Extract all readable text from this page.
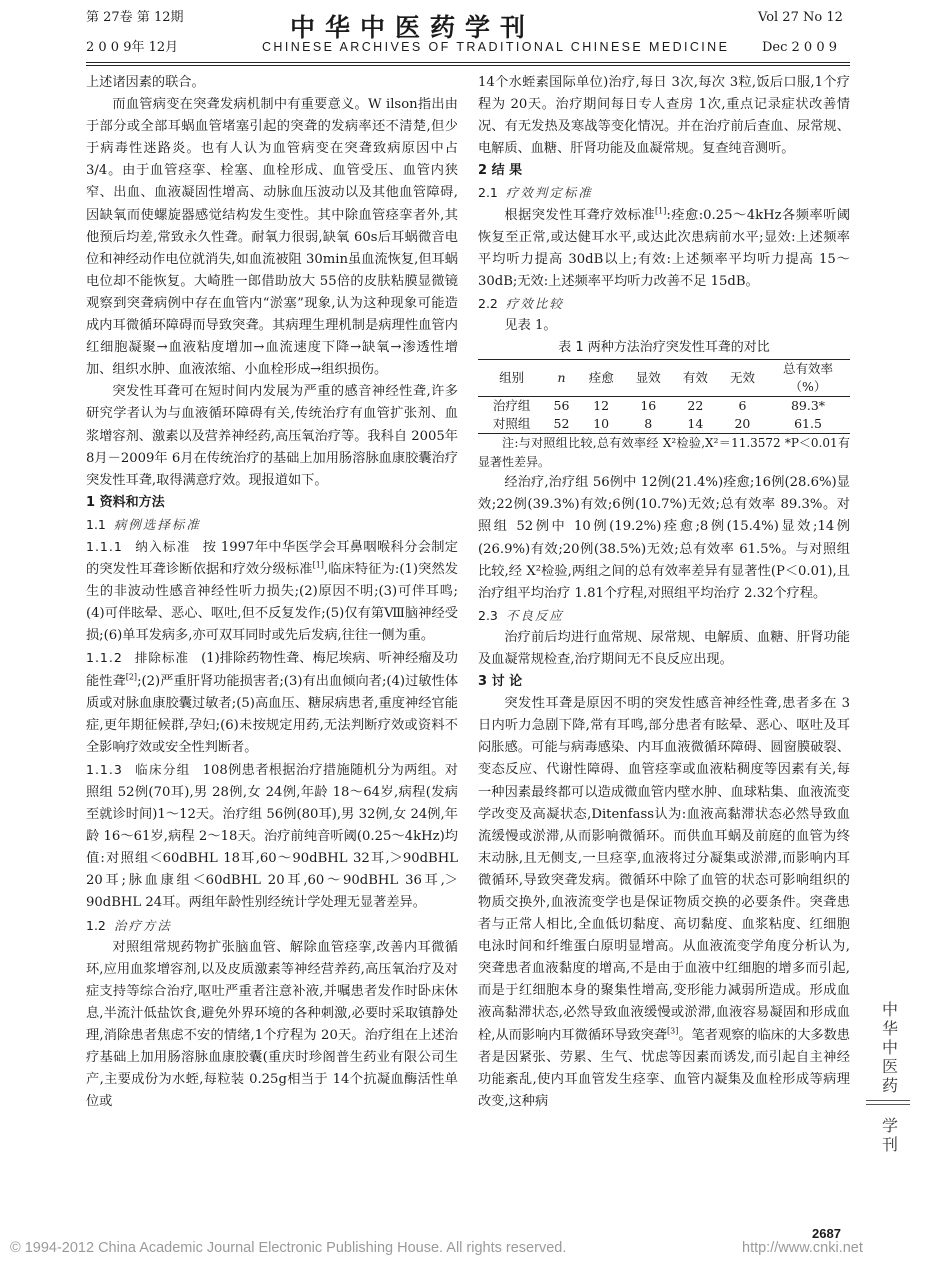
第 27卷 第 12期
2 0 0 9年 12月
中华中医药学刊
CHINESE ARCHIVES OF TRADITIONAL CHINESE MEDICINE
Vol 27 No 12
Dec 2 0 0 9

上述诸因素的联合。

而血管病变在突聋发病机制中有重要意义。W ilson指出由于部分或全部耳蜗血管堵塞引起的突聋的发病率还不清楚,但少于病毒性迷路炎。也有人认为血管病变在突聋致病原因中占 3/4。由于血管痉挛、栓塞、血栓形成、血管受压、血管内狭窄、出血、血液凝固性增高、动脉血压波动以及其他血管障碍,因缺氧而使螺旋器感觉结构发生变性。其中除血管痉挛者外,其他预后均差,常致永久性聋。耐氧力很弱,缺氧 60s后耳蜗微音电位和神经动作电位就消失,如血流被阻 30min虽血流恢复,但耳蜗电位却不能恢复。大崎胜一郎借助放大 55倍的皮肤粘膜显微镜观察到突聋病例中存在血管内“淤塞”现象,认为这种现象可能造成内耳微循环障碍而导致突聋。其病理生理机制是病理性血管内红细胞凝聚→血液粘度增加→血流速度下降→缺氧→渗透性增加、组织水肿、血液浓缩、小血栓形成→组织损伤。

突发性耳聋可在短时间内发展为严重的感音神经性聋,许多研究学者认为与血液循环障碍有关,传统治疗有血管扩张剂、血浆增容剂、激素以及营养神经药,高压氧治疗等。我科自 2005年 8月－2009年 6月在传统治疗的基础上加用肠溶脉血康胶囊治疗突发性耳聋,取得满意疗效。现报道如下。

1 资料和方法

1.1 病例选择标准

1.1.1 纳入标准 按 1997年中华医学会耳鼻咽喉科分会制定的突发性耳聋诊断依据和疗效分级标准[1],临床特征为:(1)突然发生的非波动性感音神经性听力损失;(2)原因不明;(3)可伴耳鸣;(4)可伴眩晕、恶心、呕吐,但不反复发作;(5)仅有第Ⅷ脑神经受损;(6)单耳发病多,亦可双耳同时或先后发病,往往一侧为重。

1.1.2 排除标准 (1)排除药物性聋、梅尼埃病、听神经瘤及功能性聋[2];(2)严重肝肾功能损害者;(3)有出血倾向者;(4)过敏性体质或对脉血康胶囊过敏者;(5)高血压、糖尿病患者,重度神经官能症,更年期征候群,孕妇;(6)未按规定用药,无法判断疗效或资料不全影响疗效或安全性判断者。

1.1.3 临床分组 108例患者根据治疗措施随机分为两组。对照组 52例(70耳),男 28例,女 24例,年龄 18～64岁,病程(发病至就诊时间)1～12天。治疗组 56例(80耳),男 32例,女 24例,年龄 16～61岁,病程 2～18天。治疗前纯音听阈(0.25～4kHz)均值:对照组＜60dBHL 18耳,60～90dBHL 32耳,＞90dBHL 20耳;脉血康组＜60dBHL 20耳,60～90dBHL 36耳,＞90dBHL 24耳。两组年龄性别经统计学处理无显著差异。

1.2 治疗方法

对照组常规药物扩张脑血管、解除血管痉挛,改善内耳微循环,应用血浆增容剂,以及皮质激素等神经营养药,高压氧治疗及对症支持等综合治疗,呕吐严重者注意补液,并嘱患者发作时卧床休息,半流汁低盐饮食,避免外界环境的各种刺激,必要时采取镇静处理,消除患者焦虑不安的情绪,1个疗程为 20天。治疗组在上述治疗基础上加用肠溶脉血康胶囊(重庆时珍阁普生药业有限公司生产,主要成份为水蛭,每粒装 0.25g相当于 14个抗凝血酶活性单位或

14个水蛭素国际单位)治疗,每日 3次,每次 3粒,饭后口服,1个疗程为 20天。治疗期间每日专人查房 1次,重点记录症状改善情况、有无发热及寒战等变化情况。并在治疗前后查血、尿常规、电解质、血糖、肝肾功能及血凝常规。复查纯音测听。

2 结 果

2.1 疗效判定标准

根据突发性耳聋疗效标准[1]:痊愈:0.25～4kHz各频率听阈恢复至正常,或达健耳水平,或达此次患病前水平;显效:上述频率平均听力提高 30dB以上;有效:上述频率平均听力提高 15～30dB;无效:上述频率平均听力改善不足 15dB。

2.2 疗效比较

见表 1。

表 1 两种方法治疗突发性耳聋的对比

组别	n	痊愈	显效	有效	无效	总有效率（%）
治疗组	56	12	16	22	6	89.3*
对照组	52	10	8	14	20	61.5

注:与对照组比较,总有效率经 X²检验,X²＝11.3572 *P＜0.01有显著性差异。

经治疗,治疗组 56例中 12例(21.4%)痊愈;16例(28.6%)显效;22例(39.3%)有效;6例(10.7%)无效;总有效率 89.3%。对照组 52例中 10例(19.2%)痊愈;8例(15.4%)显效;14例(26.9%)有效;20例(38.5%)无效;总有效率 61.5%。与对照组比较,经 X²检验,两组之间的总有效率差异有显著性(P＜0.01),且治疗组平均治疗 1.81个疗程,对照组平均治疗 2.32个疗程。

2.3 不良反应

治疗前后均进行血常规、尿常规、电解质、血糖、肝肾功能及血凝常规检查,治疗期间无不良反应出现。

3 讨 论

突发性耳聋是原因不明的突发性感音神经性聋,患者多在 3日内听力急剧下降,常有耳鸣,部分患者有眩晕、恶心、呕吐及耳闷胀感。可能与病毒感染、内耳血液微循环障碍、圆窗膜破裂、变态反应、代谢性障碍、血管痉挛或血液粘稠度等因素有关,每一种因素最终都可以造成微血管内壁水肿、血球粘集、血液流变学改变及高凝状态,Ditenfass认为:血液高黏滞状态必然导致血流缓慢或淤滞,从而影响微循环。而供血耳蜗及前庭的血管为终末动脉,且无侧支,一旦痉挛,血液将过分凝集或淤滞,而影响内耳微循环,导致突聋发病。微循环中除了血管的状态可影响组织的物质交换外,血液流变学也是保证物质交换的必要条件。突聋患者与正常人相比,全血低切黏度、高切黏度、血浆粘度、红细胞电泳时间和纤维蛋白原明显增高。从血液流变学角度分析认为,突聋患者血液黏度的增高,不是由于血液中红细胞的增多而引起,而是于红细胞本身的聚集性增高,变形能力减弱所造成。形成血液高黏滞状态,必然导致血液缓慢或淤滞,血液容易凝固和形成血栓,从而影响内耳微循环导致突聋[3]。笔者观察的临床的大多数患者是因紧张、劳累、生气、忧虑等因素而诱发,而引起自主神经功能紊乱,使内耳血管发生痉挛、血管内凝集及血栓形成等病理改变,这种病

中华中医药
学刊
2687
© 1994-2012 China Academic Journal Electronic Publishing House. All rights reserved.	http://www.cnki.net
